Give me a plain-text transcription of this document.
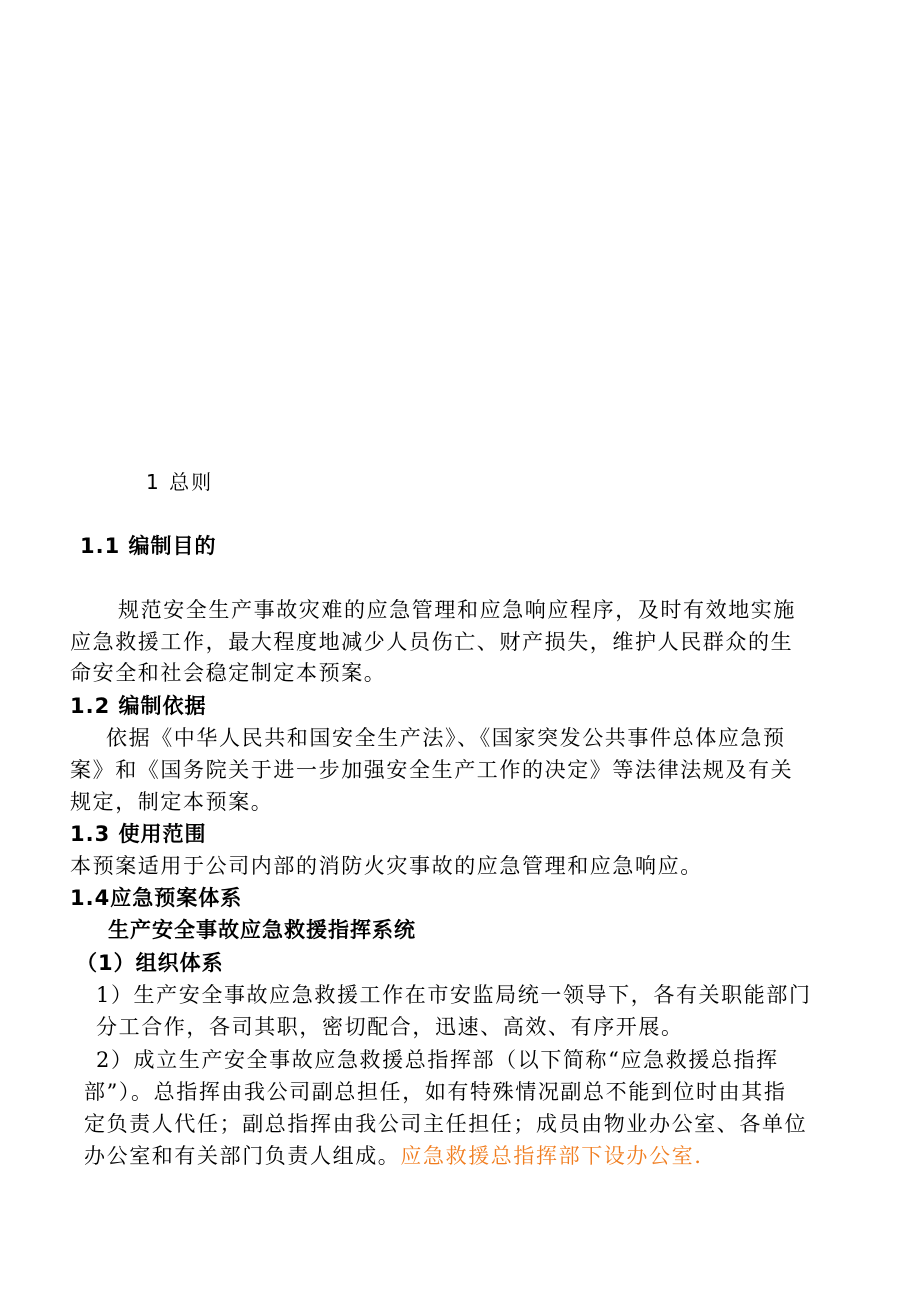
1 总则
1.1 编制目的
规范安全生产事故灾难的应急管理和应急响应程序，及时有效地实施
应急救援工作，最大程度地减少人员伤亡、财产损失，维护人民群众的生
命安全和社会稳定制定本预案。
1.2 编制依据
依据《中华人民共和国安全生产法》、《国家突发公共事件总体应急预
案》和《国务院关于进一步加强安全生产工作的决定》等法律法规及有关
规定，制定本预案。
1.3 使用范围
本预案适用于公司内部的消防火灾事故的应急管理和应急响应。
1.4应急预案体系
生产安全事故应急救援指挥系统
（1）组织体系
1）生产安全事故应急救援工作在市安监局统一领导下，各有关职能部门
分工合作，各司其职，密切配合，迅速、高效、有序开展。
2）成立生产安全事故应急救援总指挥部（以下简称“应急救援总指挥
部”）。总指挥由我公司副总担任，如有特殊情况副总不能到位时由其指
定负责人代任；副总指挥由我公司主任担任；成员由物业办公室、各单位
办公室和有关部门负责人组成。应急救援总指挥部下设办公室.
